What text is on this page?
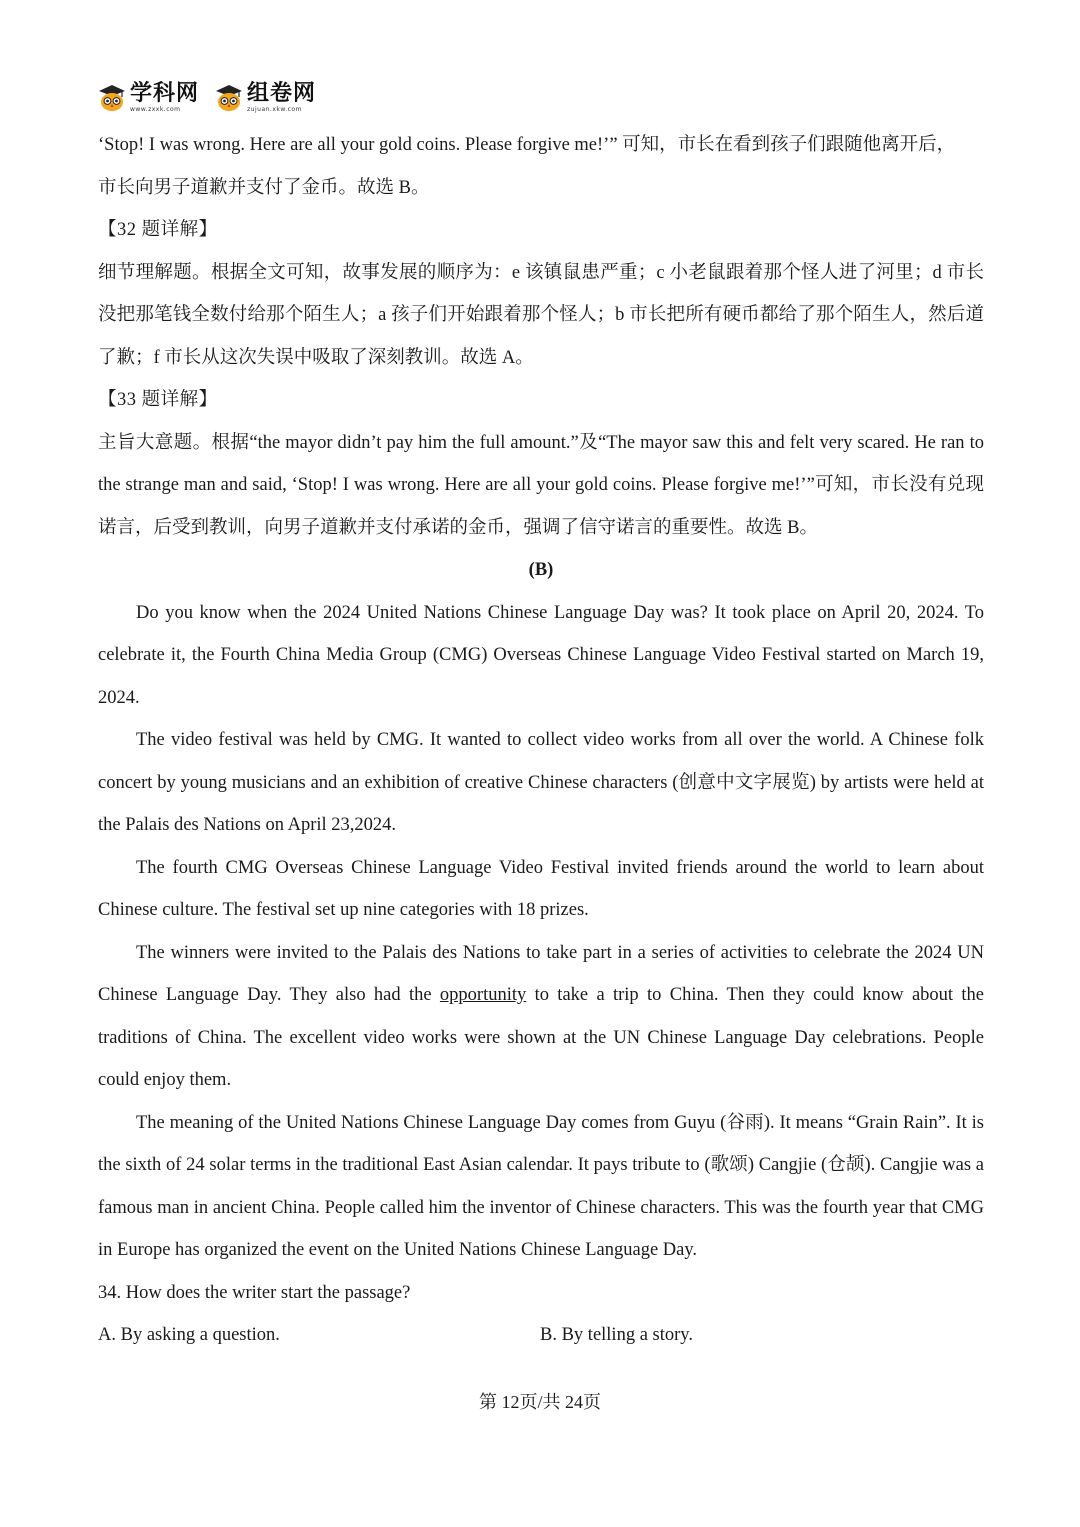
学科网
www.zxxk.com
组卷网
zujuan.xkw.com

‘Stop! I was wrong. Here are all your gold coins. Please forgive me!’” 可知，市长在看到孩子们跟随他离开后，

市长向男子道歉并支付了金币。故选 B。

【32 题详解】

细节理解题。根据全文可知，故事发展的顺序为：e 该镇鼠患严重；c 小老鼠跟着那个怪人进了河里；d 市长没把那笔钱全数付给那个陌生人；a 孩子们开始跟着那个怪人；b 市长把所有硬币都给了那个陌生人，然后道了歉；f 市长从这次失误中吸取了深刻教训。故选 A。

【33 题详解】

主旨大意题。根据“the mayor didn’t pay him the full amount.”及“The mayor saw this and felt very scared. He ran to the strange man and said, ‘Stop! I was wrong. Here are all your gold coins. Please forgive me!’”可知，市长没有兑现诺言，后受到教训，向男子道歉并支付承诺的金币，强调了信守诺言的重要性。故选 B。

(B)

Do you know when the 2024 United Nations Chinese Language Day was? It took place on April 20, 2024. To celebrate it, the Fourth China Media Group (CMG) Overseas Chinese Language Video Festival started on March 19, 2024.

The video festival was held by CMG. It wanted to collect video works from all over the world. A Chinese folk concert by young musicians and an exhibition of creative Chinese characters (创意中文字展览) by artists were held at the Palais des Nations on April 23,2024.

The fourth CMG Overseas Chinese Language Video Festival invited friends around the world to learn about Chinese culture. The festival set up nine categories with 18 prizes.

The winners were invited to the Palais des Nations to take part in a series of activities to celebrate the 2024 UN Chinese Language Day. They also had the opportunity to take a trip to China. Then they could know about the traditions of China. The excellent video works were shown at the UN Chinese Language Day celebrations. People could enjoy them.

The meaning of the United Nations Chinese Language Day comes from Guyu (谷雨). It means “Grain Rain”. It is the sixth of 24 solar terms in the traditional East Asian calendar. It pays tribute to (歌颂) Cangjie (仓颉). Cangjie was a famous man in ancient China. People called him the inventor of Chinese characters. This was the fourth year that CMG in Europe has organized the event on the United Nations Chinese Language Day.

34. How does the writer start the passage?

A. By asking a question.	B. By telling a story.
第 12页/共 24页
